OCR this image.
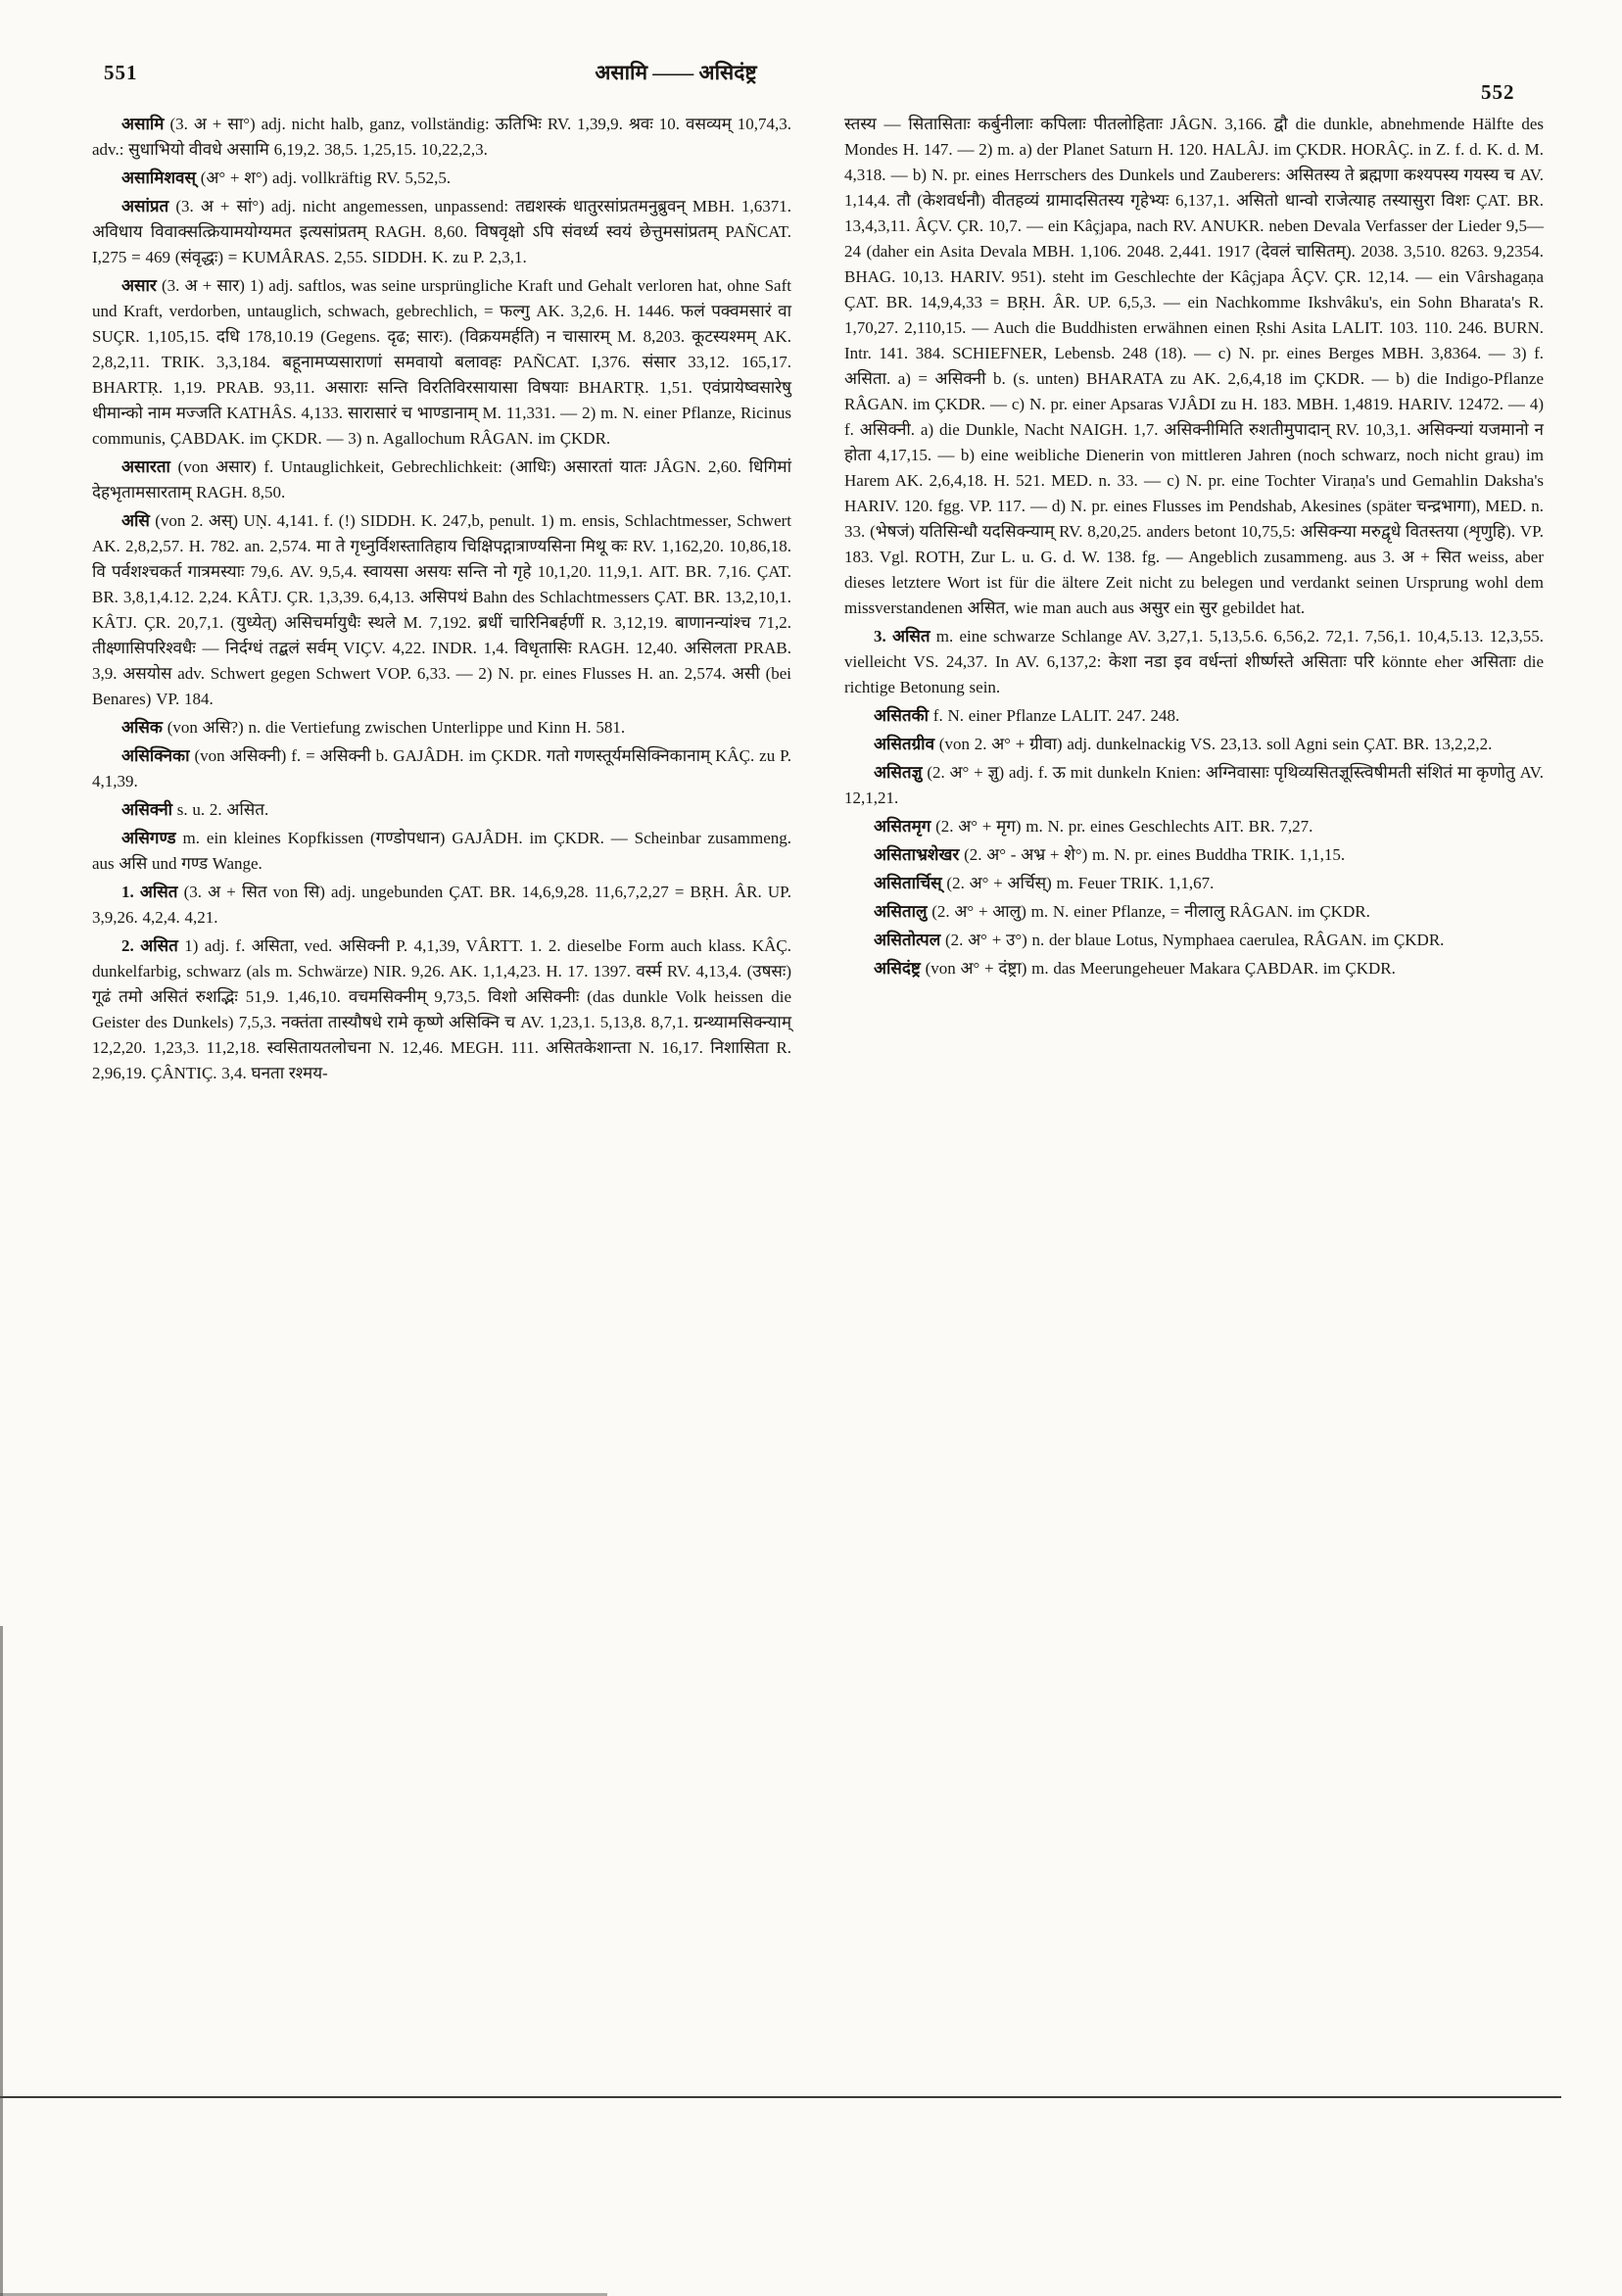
551	असामि —— असिदंष्ट्र
552

असामि (3. अ + सा°) adj. nicht halb, ganz, vollständig: ऊतिभिः RV. 1,39,9. श्रवः 10. वसव्यम् 10,74,3. adv.: सुधाभियो वीवधे असामि 6,19,2. 38,5. 1,25,15. 10,22,2,3.

असामिशवस् (अ° + श°) adj. vollkräftig RV. 5,52,5.

असांप्रत (3. अ + सां°) adj. nicht angemessen, unpassend: तद्यशस्कं धातुरसांप्रतमनुब्रुवन् MBH. 1,6371. अविधाय विवाक्सत्क्रियामयोग्यमत इत्यसांप्रतम् RAGH. 8,60. विषवृक्षो ऽपि संवर्ध्य स्वयं छेत्तुमसांप्रतम् PAÑCAT. I,275 = 469 (संवृद्धः) = KUMÂRAS. 2,55. SIDDH. K. zu P. 2,3,1.

असार (3. अ + सार) 1) adj. saftlos, was seine ursprüngliche Kraft und Gehalt verloren hat, ohne Saft und Kraft, verdorben, untauglich, schwach, gebrechlich, = फल्गु AK. 3,2,6. H. 1446. फलं पक्वमसारं वा SUÇR. 1,105,15. दधि 178,10.19 (Gegens. दृढ; सारः). (विक्रयमर्हति) न चासारम् M. 8,203. कूटस्यश्मम् AK. 2,8,2,11. TRIK. 3,3,184. बहूनामप्यसाराणां समवायो बलावहः PAÑCAT. I,376. संसार 33,12. 165,17. BHARTṚ. 1,19. PRAB. 93,11. असाराः सन्ति विरतिविरसायासा विषयाः BHARTṚ. 1,51. एवंप्रायेष्वसारेषु धीमान्को नाम मज्जति KATHÂS. 4,133. सारासारं च भाण्डानाम् M. 11,331. — 2) m. N. einer Pflanze, Ricinus communis, ÇABDAK. im ÇKDR. — 3) n. Agallochum RÂGAN. im ÇKDR.

असारता (von असार) f. Untauglichkeit, Gebrechlichkeit: (आधिः) असारतां यातः JÂGN. 2,60. धिगिमां देहभृतामसारताम् RAGH. 8,50.

असि (von 2. अस्) UṆ. 4,141. f. (!) SIDDH. K. 247,b, penult. 1) m. ensis, Schlachtmesser, Schwert AK. 2,8,2,57. H. 782. an. 2,574. मा ते गृध्नुर्विशस्तातिहाय चिक्षिपद्गात्राण्यसिना मिथू कः RV. 1,162,20. 10,86,18. वि पर्वशश्चकर्त गात्रमस्याः 79,6. AV. 9,5,4. स्वायसा असयः सन्ति नो गृहे 10,1,20. 11,9,1. AIT. BR. 7,16. ÇAT. BR. 3,8,1,4.12. 2,24. KÂTJ. ÇR. 1,3,39. 6,4,13. असिपथं Bahn des Schlachtmessers ÇAT. BR. 13,2,10,1. KÂTJ. ÇR. 20,7,1. (युध्येत्) असिचर्मायुधैः स्थले M. 7,192. ब्रधीं चारिनिबर्हणीं R. 3,12,19. बाणानन्यांश्च 71,2. तीक्ष्णासिपरिश्वधैः — निर्दग्धं तद्बलं सर्वम् VIÇV. 4,22. INDR. 1,4. विधृतासिः RAGH. 12,40. असिलता PRAB. 3,9. असयोस adv. Schwert gegen Schwert VOP. 6,33. — 2) N. pr. eines Flusses H. an. 2,574. असी (bei Benares) VP. 184.

असिक (von असि?) n. die Vertiefung zwischen Unterlippe und Kinn H. 581.

असिक्निका (von असिक्नी) f. = असिक्नी b. GAJÂDH. im ÇKDR. गतो गणस्तूर्यमसिक्निकानाम् KÂÇ. zu P. 4,1,39.

असिक्नी s. u. 2. असित.

असिगण्ड m. ein kleines Kopfkissen (गण्डोपधान) GAJÂDH. im ÇKDR. — Scheinbar zusammeng. aus असि und गण्ड Wange.

1. असित (3. अ + सित von सि) adj. ungebunden ÇAT. BR. 14,6,9,28. 11,6,7,2,27 = BṚH. ÂR. UP. 3,9,26. 4,2,4. 4,21.

2. असित 1) adj. f. असिता, ved. असिक्नी P. 4,1,39, VÂRTT. 1. 2. dieselbe Form auch klass. KÂÇ. dunkelfarbig, schwarz (als m. Schwärze) NIR. 9,26. AK. 1,1,4,23. H. 17. 1397. वर्स्म RV. 4,13,4. (उषसः) गूढं तमो असितं रुशद्भिः 51,9. 1,46,10. वचमसिक्नीम् 9,73,5. विशो असिक्नीः (das dunkle Volk heissen die Geister des Dunkels) 7,5,3. नक्तंता तास्यौषधे रामे कृष्णे असिक्नि च AV. 1,23,1. 5,13,8. 8,7,1. ग्रन्थ्यामसिक्न्याम् 12,2,20. 1,23,3. 11,2,18. स्वसितायतलोचना N. 12,46. MEGH. 111. असितकेशान्ता N. 16,17. निशासिता R. 2,96,19. ÇÂNTIÇ. 3,4. घनता रश्मय-

स्तस्य — सितासिताः कर्बुनीलाः कपिलाः पीतलोहिताः JÂGN. 3,166. द्वौ die dunkle, abnehmende Hälfte des Mondes H. 147. — 2) m. a) der Planet Saturn H. 120. HALÂJ. im ÇKDR. HORÂÇ. in Z. f. d. K. d. M. 4,318. — b) N. pr. eines Herrschers des Dunkels und Zauberers: असितस्य ते ब्रह्मणा कश्यपस्य गयस्य च AV. 1,14,4. तौ (केशवर्धनौ) वीतहव्यं ग्रामादसितस्य गृहेभ्यः 6,137,1. असितो धान्वो राजेत्याह तस्यासुरा विशः ÇAT. BR. 13,4,3,11. ÂÇV. ÇR. 10,7. — ein Kâçjapa, nach RV. ANUKR. neben Devala Verfasser der Lieder 9,5—24 (daher ein Asita Devala MBH. 1,106. 2048. 2,441. 1917 (देवलं चासितम्). 2038. 3,510. 8263. 9,2354. BHAG. 10,13. HARIV. 951). steht im Geschlechte der Kâçjapa ÂÇV. ÇR. 12,14. — ein Vârshagaṇa ÇAT. BR. 14,9,4,33 = BṚH. ÂR. UP. 6,5,3. — ein Nachkomme Ikshvâku's, ein Sohn Bharata's R. 1,70,27. 2,110,15. — Auch die Buddhisten erwähnen einen Ṛshi Asita LALIT. 103. 110. 246. BURN. Intr. 141. 384. SCHIEFNER, Lebensb. 248 (18). — c) N. pr. eines Berges MBH. 3,8364. — 3) f. असिता. a) = असिक्नी b. (s. unten) BHARATA zu AK. 2,6,4,18 im ÇKDR. — b) die Indigo-Pflanze RÂGAN. im ÇKDR. — c) N. pr. einer Apsaras VJÂDI zu H. 183. MBH. 1,4819. HARIV. 12472. — 4) f. असिक्नी. a) die Dunkle, Nacht NAIGH. 1,7. असिक्नीमिति रुशतीमुपादान् RV. 10,3,1. असिक्न्यां यजमानो न होता 4,17,15. — b) eine weibliche Dienerin von mittleren Jahren (noch schwarz, noch nicht grau) im Harem AK. 2,6,4,18. H. 521. MED. n. 33. — c) N. pr. eine Tochter Viraṇa's und Gemahlin Daksha's HARIV. 120. fgg. VP. 117. — d) N. pr. eines Flusses im Pendshab, Akesines (später चन्द्रभागा), MED. n. 33. (भेषजं) यतिसिन्धौ यदसिक्न्याम् RV. 8,20,25. anders betont 10,75,5: असिक्न्या मरुद्वृधे वितस्तया (शृणुहि). VP. 183. Vgl. ROTH, Zur L. u. G. d. W. 138. fg. — Angeblich zusammeng. aus 3. अ + सित weiss, aber dieses letztere Wort ist für die ältere Zeit nicht zu belegen und verdankt seinen Ursprung wohl dem missverstandenen असित, wie man auch aus असुर ein सुर gebildet hat.

3. असित m. eine schwarze Schlange AV. 3,27,1. 5,13,5.6. 6,56,2. 72,1. 7,56,1. 10,4,5.13. 12,3,55. vielleicht VS. 24,37. In AV. 6,137,2: केशा नडा इव वर्धन्तां शीर्ष्णस्ते असिताः परि könnte eher असिताः die richtige Betonung sein.

असितकी f. N. einer Pflanze LALIT. 247. 248.

असितग्रीव (von 2. अ° + ग्रीवा) adj. dunkelnackig VS. 23,13. soll Agni sein ÇAT. BR. 13,2,2,2.

असितज्ञु (2. अ° + ज्ञु) adj. f. ऊ mit dunkeln Knien: अग्निवासाः पृथिव्यसितज्ञूस्त्विषीमती संशितं मा कृणोतु AV. 12,1,21.

असितमृग (2. अ° + मृग) m. N. pr. eines Geschlechts AIT. BR. 7,27.

असिताभ्रशेखर (2. अ° - अभ्र + शे°) m. N. pr. eines Buddha TRIK. 1,1,15.

असितार्चिस् (2. अ° + अर्चिस्) m. Feuer TRIK. 1,1,67.

असितालु (2. अ° + आलु) m. N. einer Pflanze, = नीलालु RÂGAN. im ÇKDR.

असितोत्पल (2. अ° + उ°) n. der blaue Lotus, Nymphaea caerulea, RÂGAN. im ÇKDR.

असिदंष्ट्र (von अ° + दंष्ट्रा) m. das Meerungeheuer Makara ÇABDAR. im ÇKDR.
